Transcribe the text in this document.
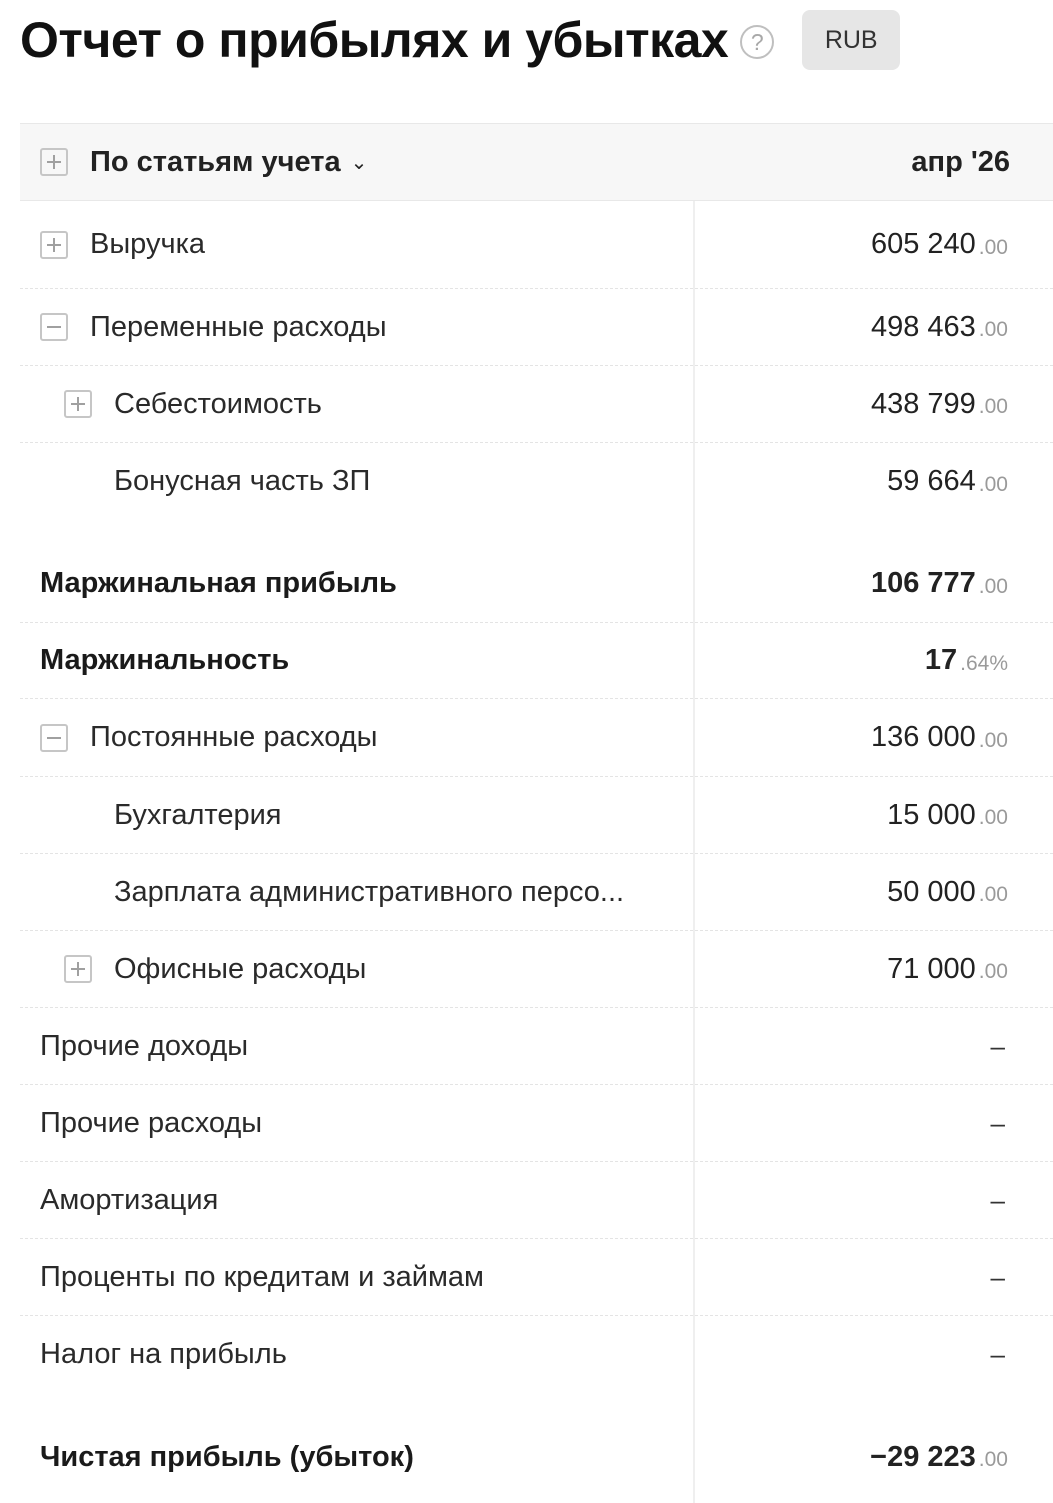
Отчет о прибылях и убытках ?	RUB
По статьям учета ⌄	апр '26
Выручка	605 240 .00
Переменные расходы	498 463 .00
Себестоимость	438 799 .00
Бонусная часть ЗП	59 664 .00
Маржинальная прибыль	106 777 .00
Маржинальность	17 .64%
Постоянные расходы	136 000 .00
Бухгалтерия	15 000 .00
Зарплата административного персо...	50 000 .00
Офисные расходы	71 000 .00
Прочие доходы	–
Прочие расходы	–
Амортизация	–
Проценты по кредитам и займам	–
Налог на прибыль	–
Чистая прибыль (убыток)	−29 223 .00
